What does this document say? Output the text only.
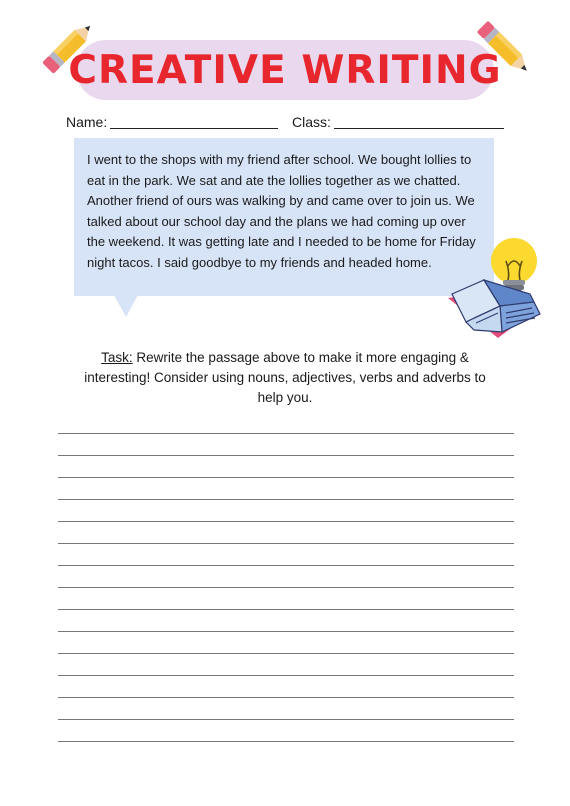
CREATIVE WRITING
Name:	Class:
I went to the shops with my friend after school. We bought lollies to eat in the park. We sat and ate the lollies together as we chatted. Another friend of ours was walking by and came over to join us. We talked about our school day and the plans we had coming up over the weekend. It was getting late and I needed to be home for Friday night tacos. I said goodbye to my friends and headed home.
Task: Rewrite the passage above to make it more engaging & interesting! Consider using nouns, adjectives, verbs and adverbs to help you.
